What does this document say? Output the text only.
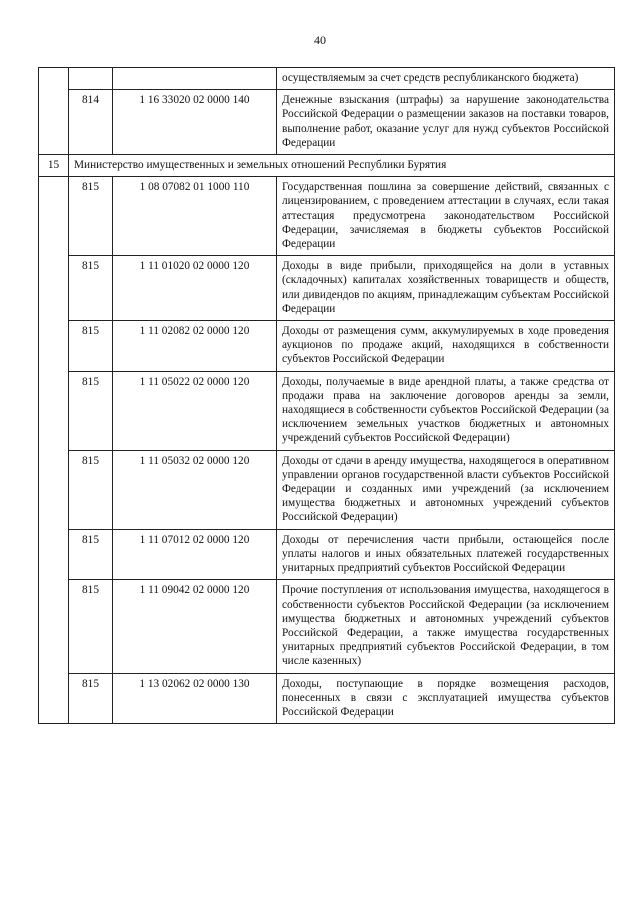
40
			осуществляемым за счет средств республиканского бюджета)
	814	1 16 33020 02 0000 140	Денежные взыскания (штрафы) за нарушение законодательства Российской Федерации о размещении заказов на поставки товаров, выполнение работ, оказание услуг для нужд субъектов Российской Федерации
15	Министерство имущественных и земельных отношений Республики Бурятия		
	815	1 08 07082 01 1000 110	Государственная пошлина за совершение действий, связанных с лицензированием, с проведением аттестации в случаях, если такая аттестация предусмотрена законодательством Российской Федерации, зачисляемая в бюджеты субъектов Российской Федерации
	815	1 11 01020 02 0000 120	Доходы в виде прибыли, приходящейся на доли в уставных (складочных) капиталах хозяйственных товариществ и обществ, или дивидендов по акциям, принадлежащим субъектам Российской Федерации
	815	1 11 02082 02 0000 120	Доходы от размещения сумм, аккумулируемых в ходе проведения аукционов по продаже акций, находящихся в собственности субъектов Российской Федерации
	815	1 11 05022 02 0000 120	Доходы, получаемые в виде арендной платы, а также средства от продажи права на заключение договоров аренды за земли, находящиеся в собственности субъектов Российской Федерации (за исключением земельных участков бюджетных и автономных учреждений субъектов Российской Федерации)
	815	1 11 05032 02 0000 120	Доходы от сдачи в аренду имущества, находящегося в оперативном управлении органов государственной власти субъектов Российской Федерации и созданных ими учреждений (за исключением имущества бюджетных и автономных учреждений субъектов Российской Федерации)
	815	1 11 07012 02 0000 120	Доходы от перечисления части прибыли, остающейся после уплаты налогов и иных обязательных платежей государственных унитарных предприятий субъектов Российской Федерации
	815	1 11 09042 02 0000 120	Прочие поступления от использования имущества, находящегося в собственности субъектов Российской Федерации (за исключением имущества бюджетных и автономных учреждений субъектов Российской Федерации, а также имущества государственных унитарных предприятий субъектов Российской Федерации, в том числе казенных)
	815	1 13 02062 02 0000 130	Доходы, поступающие в порядке возмещения расходов, понесенных в связи с эксплуатацией имущества субъектов Российской Федерации
